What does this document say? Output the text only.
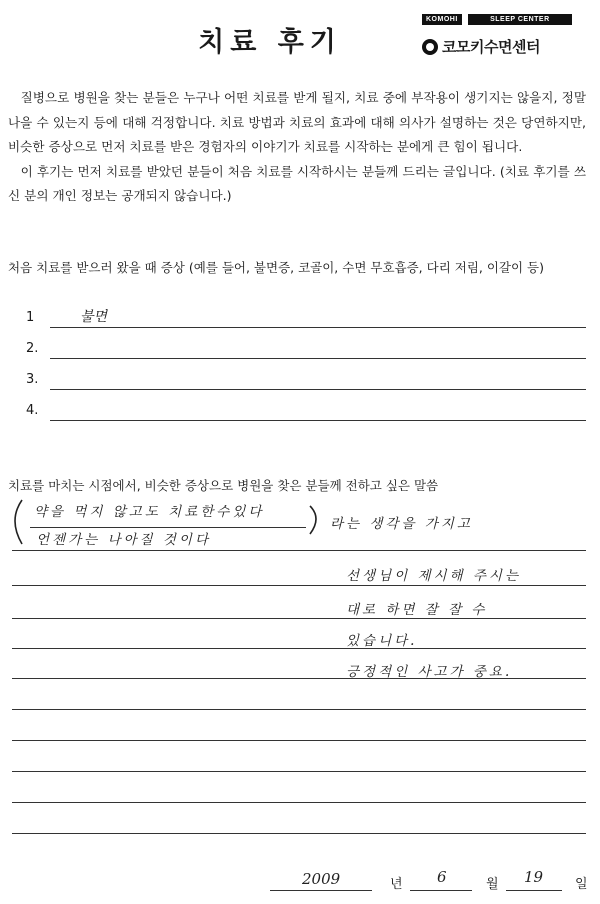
치료 후기
KOMOHI	SLEEP CENTER
코모키수면센터

질병으로 병원을 찾는 분들은 누구나 어떤 치료를 받게 될지, 치료 중에 부작용이 생기지는 않을지, 정말 나을 수 있는지 등에 대해 걱정합니다. 치료 방법과 치료의 효과에 대해 의사가 설명하는 것은 당연하지만, 비슷한 증상으로 먼저 치료를 받은 경험자의 이야기가 치료를 시작하는 분에게 큰 힘이 됩니다.

이 후기는 먼저 치료를 받았던 분들이 처음 치료를 시작하시는 분들께 드리는 글입니다. (치료 후기를 쓰신 분의 개인 정보는 공개되지 않습니다.)

처음 치료를 받으러 왔을 때 증상 (예를 들어, 불면증, 코골이, 수면 무호흡증, 다리 저림, 이갈이 등)
1	불면
2.
3.
4.
치료를 마치는 시점에서, 비슷한 증상으로 병원을 찾은 분들께 전하고 싶은 말씀
약을 먹지 않고도 치료한수있다
라는 생각을 가지고
언젠가는 나아질 것이다
선생님이 제시해 주시는
대로 하면 잘 잘 수
있습니다.
긍정적인 사고가 중요.
2009	년 6	월 19 일
